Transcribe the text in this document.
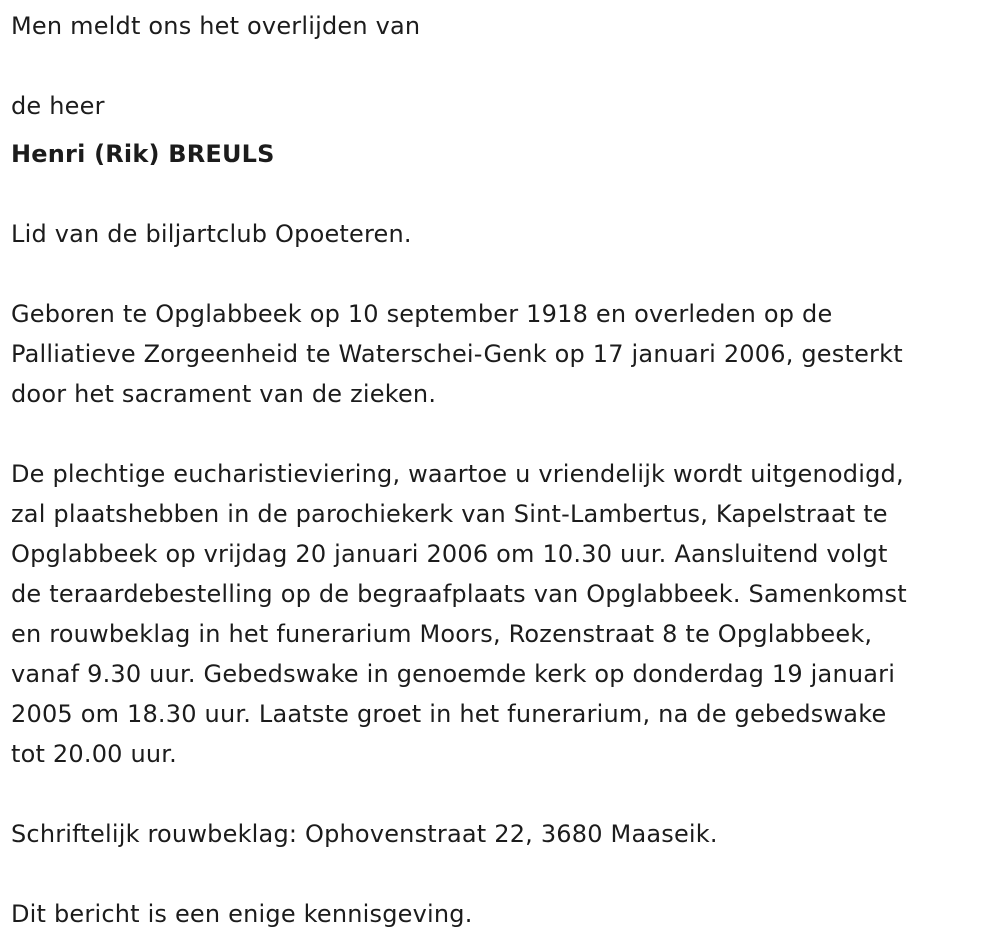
Men meldt ons het overlijden van

de heer

Henri (Rik) BREULS

Lid van de biljartclub Opoeteren.

Geboren te Opglabbeek op 10 september 1918 en overleden op de
Palliatieve Zorgeenheid te Waterschei-Genk op 17 januari 2006, gesterkt
door het sacrament van de zieken.
De plechtige eucharistieviering, waartoe u vriendelijk wordt uitgenodigd,
zal plaatshebben in de parochiekerk van Sint-Lambertus, Kapelstraat te
Opglabbeek op vrijdag 20 januari 2006 om 10.30 uur. Aansluitend volgt
de teraardebestelling op de begraafplaats van Opglabbeek. Samenkomst
en rouwbeklag in het funerarium Moors, Rozenstraat 8 te Opglabbeek,
vanaf 9.30 uur. Gebedswake in genoemde kerk op donderdag 19 januari
2005 om 18.30 uur. Laatste groet in het funerarium, na de gebedswake
tot 20.00 uur.

Schriftelijk rouwbeklag: Ophovenstraat 22, 3680 Maaseik.

Dit bericht is een enige kennisgeving.
